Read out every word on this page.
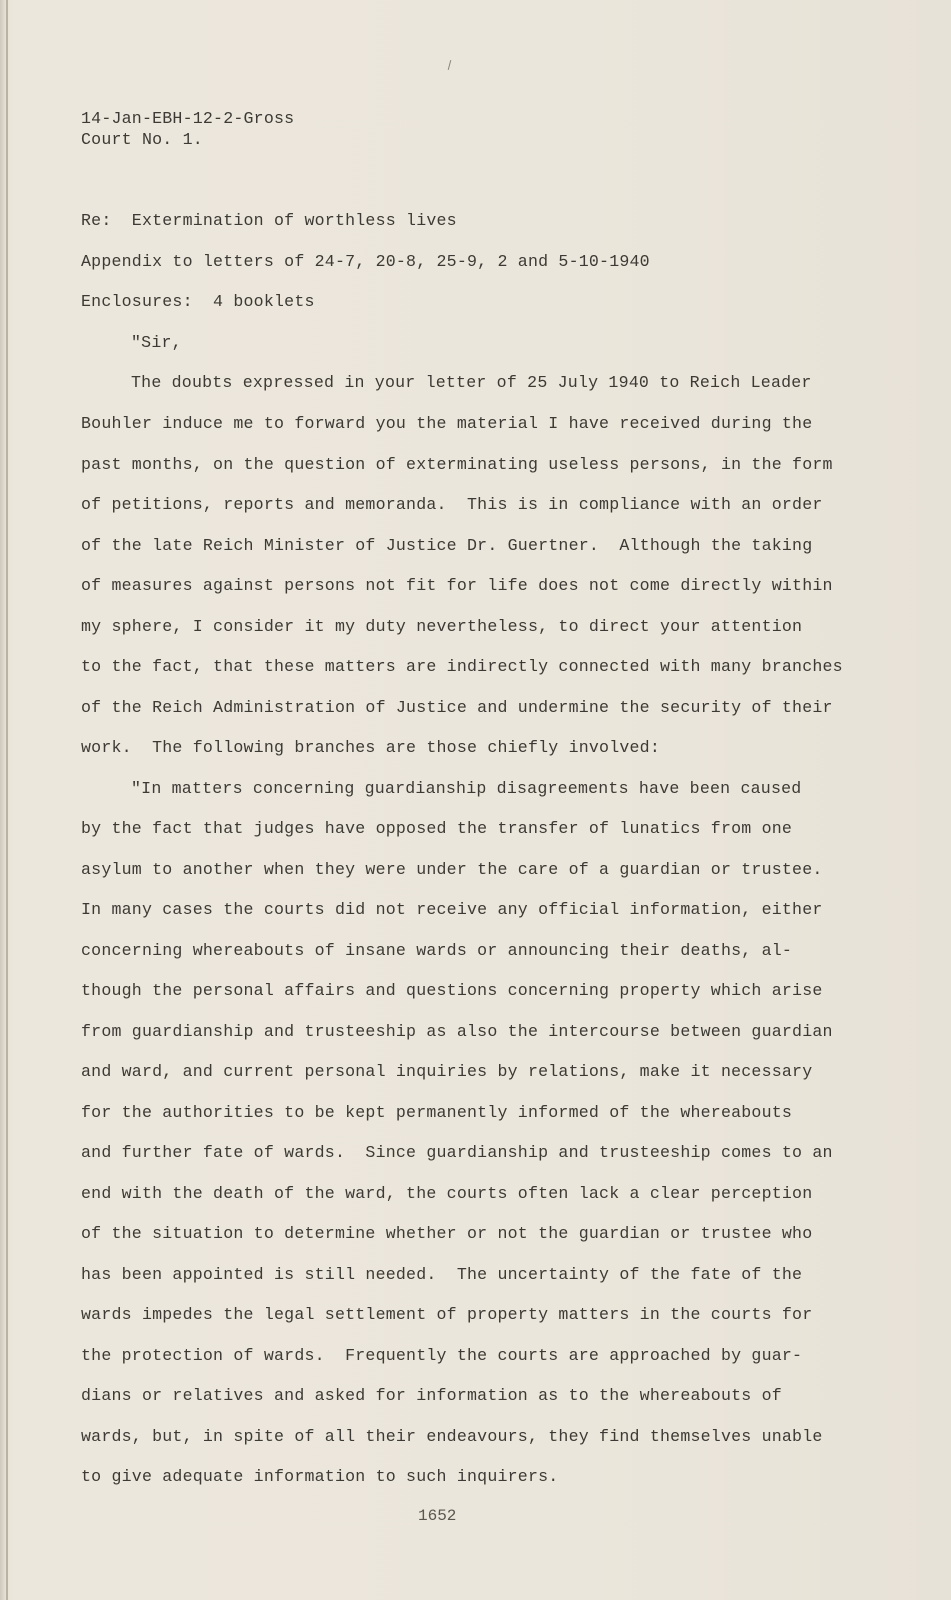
14-Jan-EBH-12-2-Gross

Court No. 1.

Re:  Extermination of worthless lives

Appendix to letters of 24-7, 20-8, 25-9, 2 and 5-10-1940

Enclosures:  4 booklets

"Sir,

The doubts expressed in your letter of 25 July 1940 to Reich Leader

Bouhler induce me to forward you the material I have received during the

past months, on the question of exterminating useless persons, in the form

of petitions, reports and memoranda.  This is in compliance with an order

of the late Reich Minister of Justice Dr. Guertner.  Although the taking

of measures against persons not fit for life does not come directly within

my sphere, I consider it my duty nevertheless, to direct your attention

to the fact, that these matters are indirectly connected with many branches

of the Reich Administration of Justice and undermine the security of their

work.  The following branches are those chiefly involved:

"In matters concerning guardianship disagreements have been caused

by the fact that judges have opposed the transfer of lunatics from one

asylum to another when they were under the care of a guardian or trustee.

In many cases the courts did not receive any official information, either

concerning whereabouts of insane wards or announcing their deaths, al-

though the personal affairs and questions concerning property which arise

from guardianship and trusteeship as also the intercourse between guardian

and ward, and current personal inquiries by relations, make it necessary

for the authorities to be kept permanently informed of the whereabouts

and further fate of wards.  Since guardianship and trusteeship comes to an

end with the death of the ward, the courts often lack a clear perception

of the situation to determine whether or not the guardian or trustee who

has been appointed is still needed.  The uncertainty of the fate of the

wards impedes the legal settlement of property matters in the courts for

the protection of wards.  Frequently the courts are approached by guar-

dians or relatives and asked for information as to the whereabouts of

wards, but, in spite of all their endeavours, they find themselves unable

to give adequate information to such inquirers.

1652
